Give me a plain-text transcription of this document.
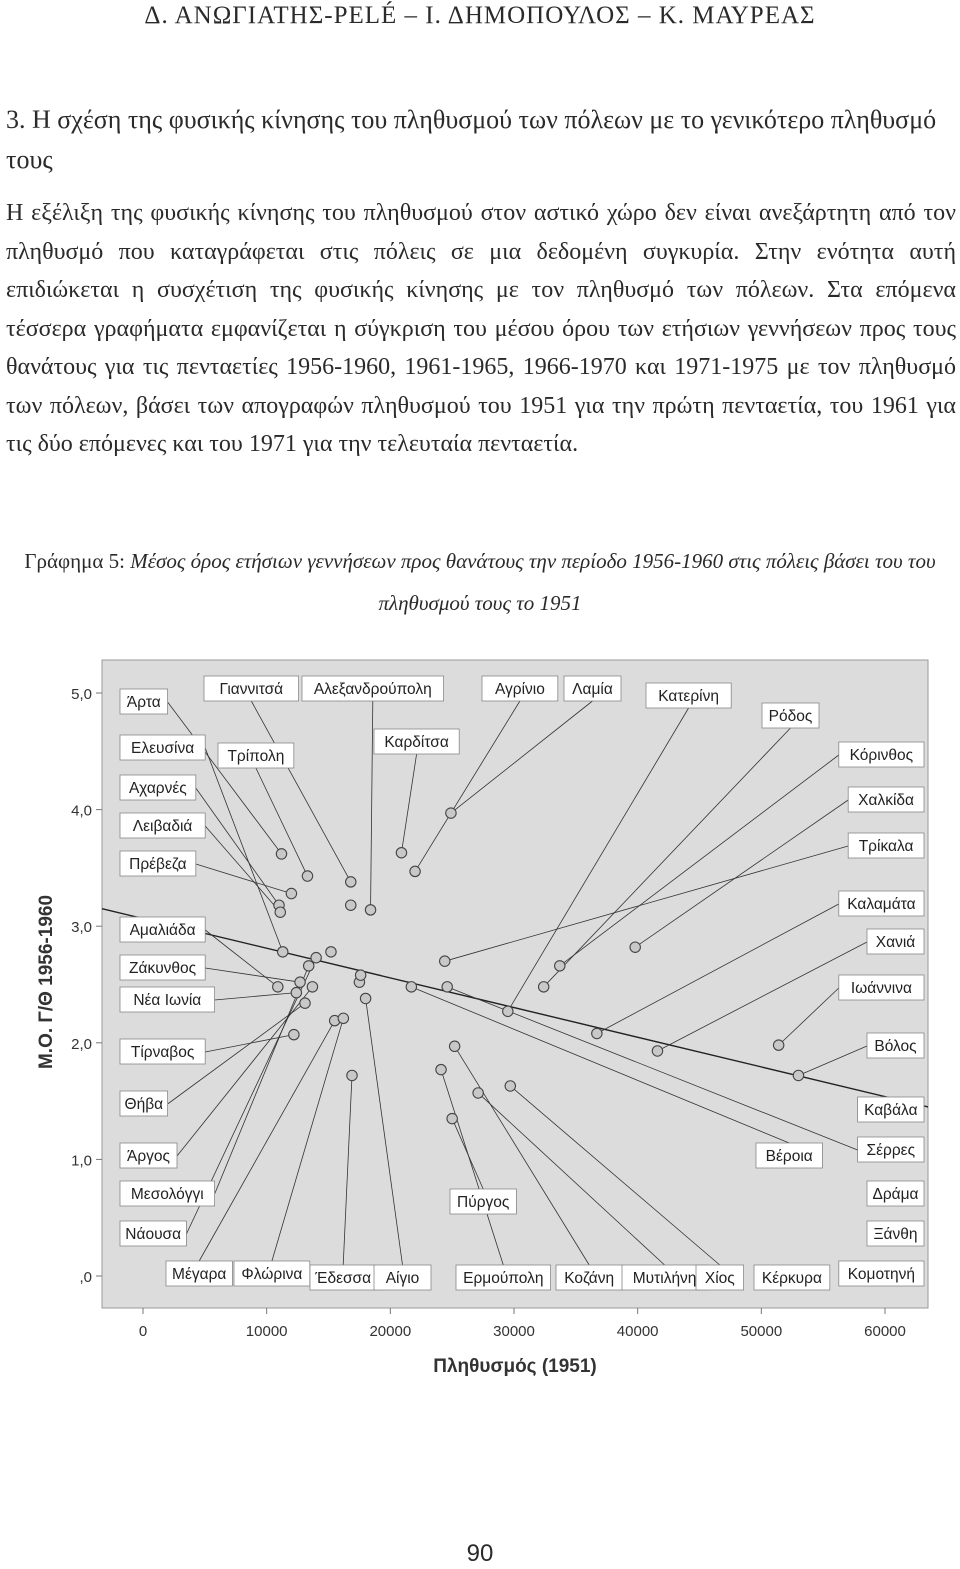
Δ. ΑΝΩΓΙΑΤΗΣ-PELÉ – Ι. ΔΗΜΟΠΟΥΛΟΣ – Κ. ΜΑΥΡΕΑΣ
3. Η σχέση της φυσικής κίνησης του πληθυσμού των πόλεων με το γενικότερο πληθυσμό τους

Η εξέλιξη της φυσικής κίνησης του πληθυσμού στον αστικό χώρο δεν είναι ανεξάρτητη από τον πληθυσμό που καταγράφεται στις πόλεις σε μια δεδομένη συγκυρία. Στην ενότητα αυτή επιδιώκεται η συσχέτιση της φυσικής κίνησης με τον πληθυσμό των πόλεων. Στα επόμενα τέσσερα γραφήματα εμφανίζεται η σύγκριση του μέσου όρου των ετήσιων γεννήσεων προς τους θανάτους για τις πενταετίες 1956-1960, 1961-1965, 1966-1970 και 1971-1975 με τον πληθυσμό των πόλεων, βάσει των απογραφών πληθυσμού του 1951 για την πρώτη πενταετία, του 1961 για τις δύο επόμενες και του 1971 για την τελευταία πενταετία.

Γράφημα 5: Μέσος όρος ετήσιων γεννήσεων προς θανάτους την περίοδο 1956-1960 στις πόλεις βάσει του του πληθυσμού τους το 1951
,0
1,0
2,0
3,0
4,0
5,0
0	10000	20000	30000	40000	50000	60000
Άρτα
Ελευσίνα
Αχαρνές
Λειβαδιά
Πρέβεζα
Αμαλιάδα
Ζάκυνθος
Νέα Ιωνία
Τίρναβος
Θήβα
Άργος
Μεσολόγγι
Νάουσα
Γιαννιτσά
Τρίπολη
Αλεξανδρούπολη
Καρδίτσα
Αγρίνιο Λαμία	Κατερίνη
Ρόδος
Κόρινθος
Χαλκίδα
Τρίκαλα
Καλαμάτα
Χανιά
Ιωάννινα
Βόλος
Καβάλα
Σέρρες
Δράμα
Ξάνθη
Κομοτηνή
Μέγαρα Φλώρινα Έδεσσα Αίγιο
Πύργος
Ερμούπολη Κοζάνη Μυτιλήνη Χίος
Βέροια
Κέρκυρα
Πληθυσμός (1951)
Μ.Ο. Γ/Θ 1956-1960
90
